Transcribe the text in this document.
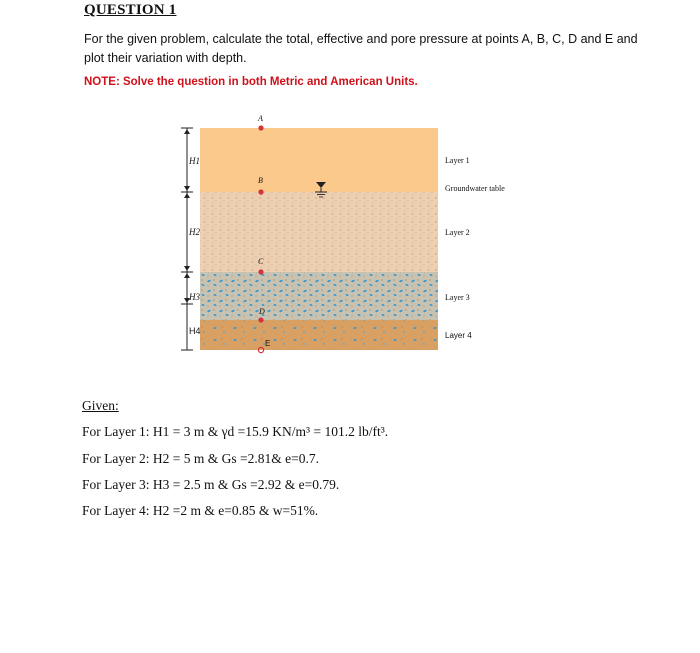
QUESTION 1
For the given problem, calculate the total, effective and pore pressure at points A, B, C, D and E and plot their variation with depth.
NOTE: Solve the question in both Metric and American Units.
H1
H2
H3
H4
A
B
C
D
E
Layer 1
Groundwater table
Layer 2
Layer 3
Layer 4
Given:
For Layer 1: H1 = 3 m & γd =15.9 KN/m³ = 101.2 lb/ft³.
For Layer 2: H2 = 5 m & Gs =2.81& e=0.7.
For Layer 3: H3 = 2.5 m & Gs =2.92 & e=0.79.
For Layer 4: H2 =2 m & e=0.85 & w=51%.
